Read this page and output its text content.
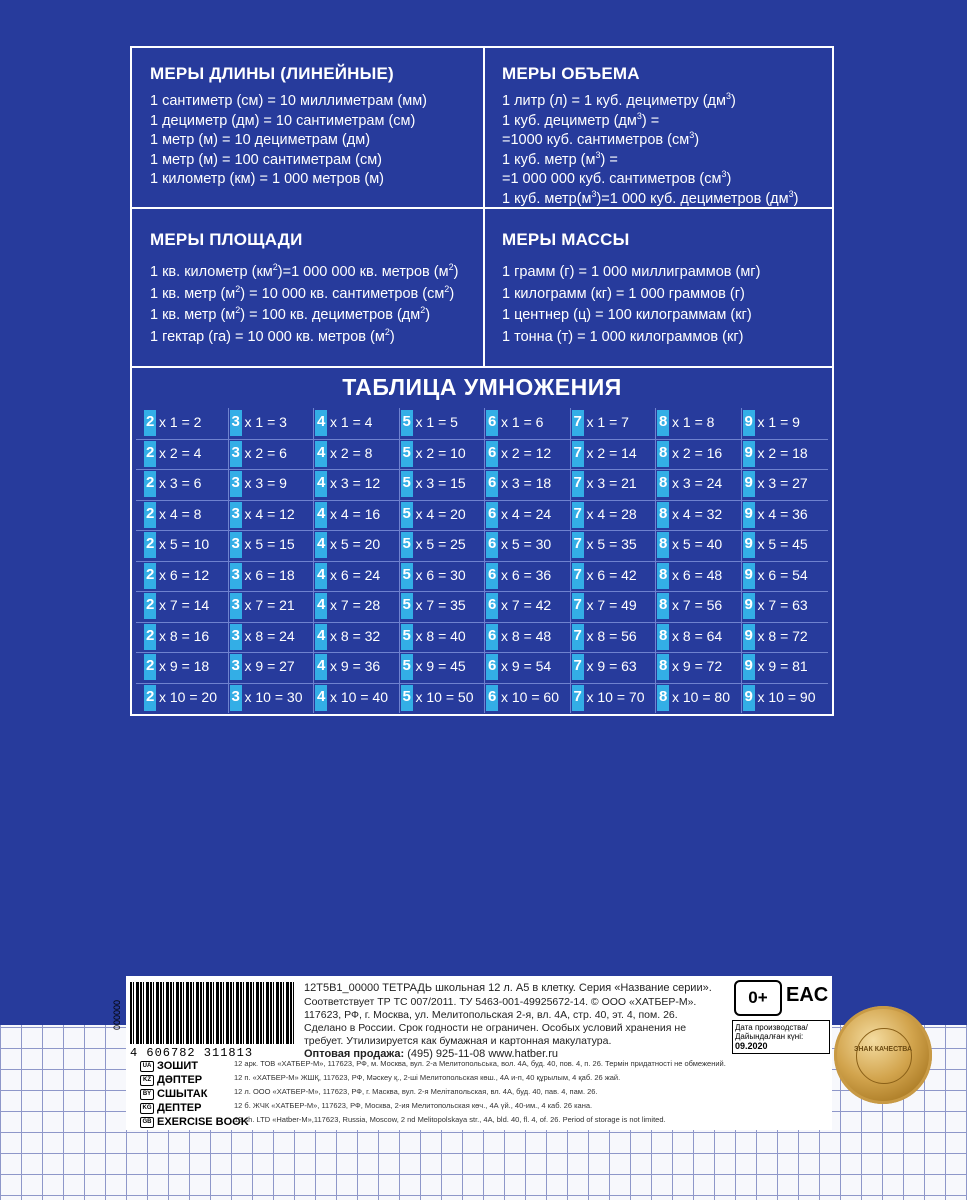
МЕРЫ ДЛИНЫ (ЛИНЕЙНЫЕ)
1 сантиметр (см) = 10 миллиметрам (мм)
1 дециметр (дм) = 10 сантиметрам (см)
1 метр (м) = 10 дециметрам (дм)
1 метр (м) = 100 сантиметрам (см)
1 километр (км) = 1 000 метров (м)
МЕРЫ ОБЪЕМА
1 литр (л) = 1 куб. дециметру $(дм^3)$
1 куб. дециметр $(дм^3)$ =
=1000 куб. сантиметров $(см^3)$
1 куб. метр $(м^3)$ =
=1 000 000 куб. сантиметров $(см^3)$
1 куб. $метр(м^3)=1$ 000 куб. дециметров $(дм^3)$
МЕРЫ ПЛОЩАДИ
1 кв. километр $(км^2)=1$ 000 000 кв. метров $(м^2)$
1 кв. метр $(м^2) = 10$ 000 кв. сантиметров $(см^2)$
1 кв. метр $(м^2) = 100$ кв. дециметров $(дм^2)$
1 гектар (га) = 10 000 кв. метров $(м^2)$
МЕРЫ МАССЫ
1 грамм (г) = 1 000 миллиграммов (мг)
1 килограмм (кг) = 1 000 граммов (г)
1 центнер (ц) = 100 килограммам (кг)
1 тонна (т) = 1 000 килограммов (кг)
ТАБЛИЦА УМНОЖЕНИЯ
2 x 1 = 2 3 x 1 = 3 4 x 1 = 4 5 x 1 = 5 6 x 1 = 6 7 x 1 = 7 8 x 1 = 8 9 x 1 = 9
2 x 2 = 4 3 x 2 = 6 4 x 2 = 8 5 x 2 = 10 6 x 2 = 12 7 x 2 = 14 8 x 2 = 16 9 x 2 = 18
2 x 3 = 6 3 x 3 = 9 4 x 3 = 12 5 x 3 = 15 6 x 3 = 18 7 x 3 = 21 8 x 3 = 24 9 x 3 = 27
2 x 4 = 8 3 x 4 = 12 4 x 4 = 16 5 x 4 = 20 6 x 4 = 24 7 x 4 = 28 8 x 4 = 32 9 x 4 = 36
2 x 5 = 10 3 x 5 = 15 4 x 5 = 20 5 x 5 = 25 6 x 5 = 30 7 x 5 = 35 8 x 5 = 40 9 x 5 = 45
2 x 6 = 12 3 x 6 = 18 4 x 6 = 24 5 x 6 = 30 6 x 6 = 36 7 x 6 = 42 8 x 6 = 48 9 x 6 = 54
2 x 7 = 14 3 x 7 = 21 4 x 7 = 28 5 x 7 = 35 6 x 7 = 42 7 x 7 = 49 8 x 7 = 56 9 x 7 = 63
2 x 8 = 16 3 x 8 = 24 4 x 8 = 32 5 x 8 = 40 6 x 8 = 48 7 x 8 = 56 8 x 8 = 64 9 x 8 = 72
2 x 9 = 18 3 x 9 = 27 4 x 9 = 36 5 x 9 = 45 6 x 9 = 54 7 x 9 = 63 8 x 9 = 72 9 x 9 = 81
2 x 10 = 20 3 x 10 = 30 4 x 10 = 40 5 x 10 = 50 6 x 10 = 60 7 x 10 = 70 8 x 10 = 80 9 x 10 = 90
4 606782 311813
000000
12Т5В1_00000 ТЕТРАДЬ школьная 12 л. А5 в клетку. Серия «Название серии».
Соответствует ТР ТС 007/2011. ТУ 5463-001-49925672-14. © ООО «ХАТБЕР-М».
117623, РФ, г. Москва, ул. Мелитопольская 2-я, вл. 4А, стр. 40, эт. 4, пом. 26.
Сделано в России. Срок годности не ограничен. Особых условий хранения не
требует. Утилизируется как бумажная и картонная макулатура.
Оптовая продажа: (495) 925-11-08 www.hatber.ru
0+ EAC
Дата производства/ Дайындалған күні:
09.2020
UA ЗОШИТ	12 арк. ТОВ «ХАТБЕР-М», 117623, РФ, м. Москва, вул. 2-а Мелитопольська, вол. 4А, буд. 40, пов. 4, п. 26. Термін придатності не обмежений.
KZ ДӘПТЕР	12 п. «ХАТБЕР-М» ЖШҚ, 117623, РФ, Мәскеу қ., 2-ші Мелитопольская көш., 4А и-п, 40 құрылым, 4 қаб. 26 жай.
BY СШЫТАК	12 л. ООО «ХАТБЕР-М», 117623, РФ, г. Масква, вул. 2-я Мелітапольская, вл. 4А, буд. 40, пав. 4, пам. 26.
KG ДЕПТЕР	12 б. ЖЧК «ХАТБЕР-М», 117623, РФ, Москва, 2-ия Мелитопольская көч., 4А үй., 40-им., 4 каб. 26 кана.
GB EXERCISE BOOK
12 sh. LTD «Hatber-M»,117623, Russia, Moscow, 2 nd Melitopolskaya str., 4A, bld. 40, fl. 4, of. 26. Period of storage is not limited.
ЗНАК КАЧЕСТВА
